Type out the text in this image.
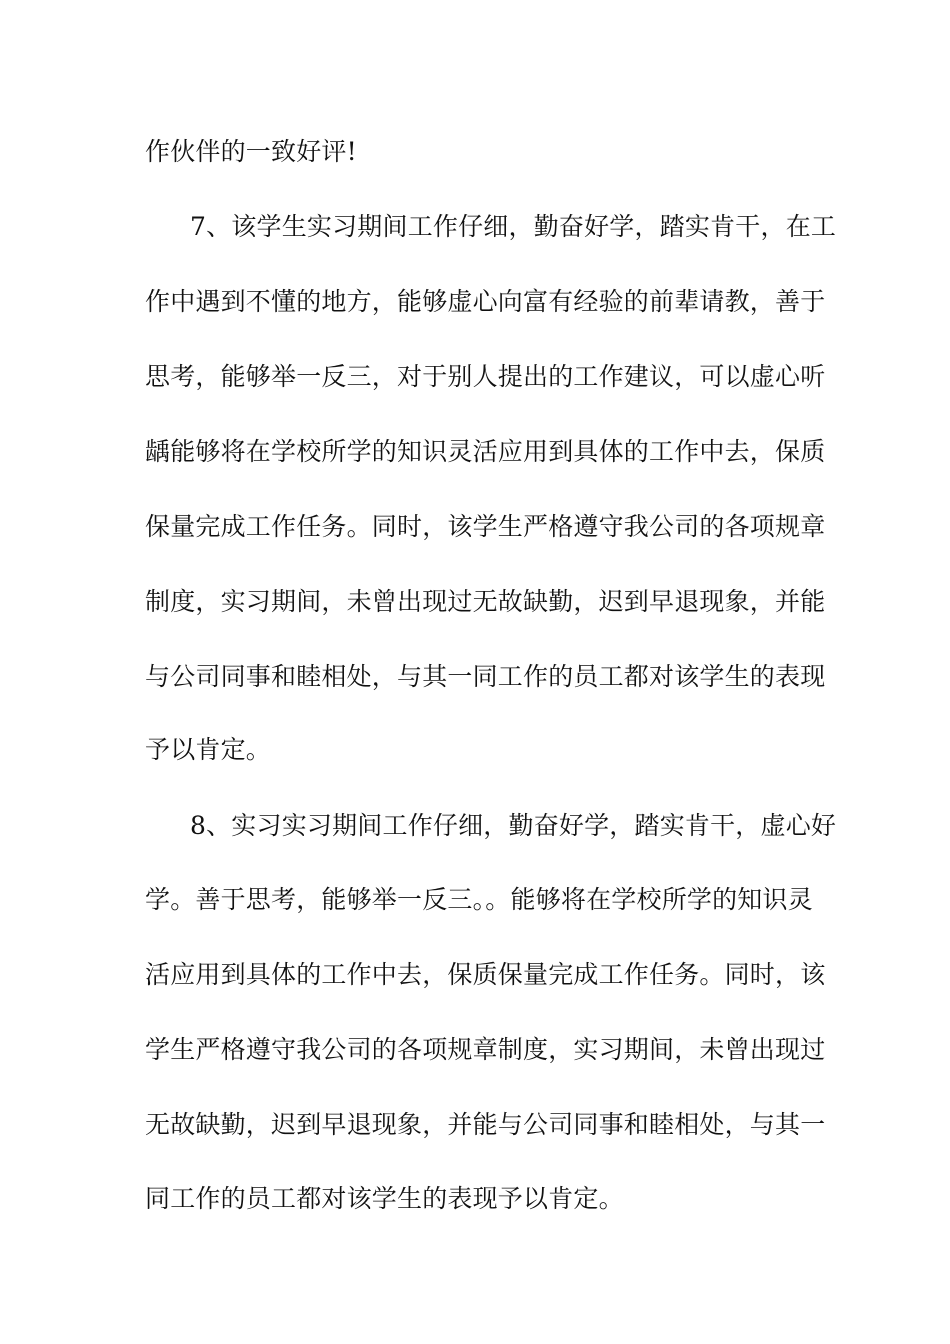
作伙伴的一致好评!
7、该学生实习期间工作仔细，勤奋好学，踏实肯干，在工
作中遇到不懂的地方，能够虚心向富有经验的前辈请教，善于
思考，能够举一反三，对于别人提出的工作建议，可以虚心听
龋能够将在学校所学的知识灵活应用到具体的工作中去，保质
保量完成工作任务。同时，该学生严格遵守我公司的各项规章
制度，实习期间，未曾出现过无故缺勤，迟到早退现象，并能
与公司同事和睦相处，与其一同工作的员工都对该学生的表现
予以肯定。
8、实习实习期间工作仔细，勤奋好学，踏实肯干，虚心好
学。善于思考，能够举一反三。。能够将在学校所学的知识灵
活应用到具体的工作中去，保质保量完成工作任务。同时，该
学生严格遵守我公司的各项规章制度，实习期间，未曾出现过
无故缺勤，迟到早退现象，并能与公司同事和睦相处，与其一
同工作的员工都对该学生的表现予以肯定。
